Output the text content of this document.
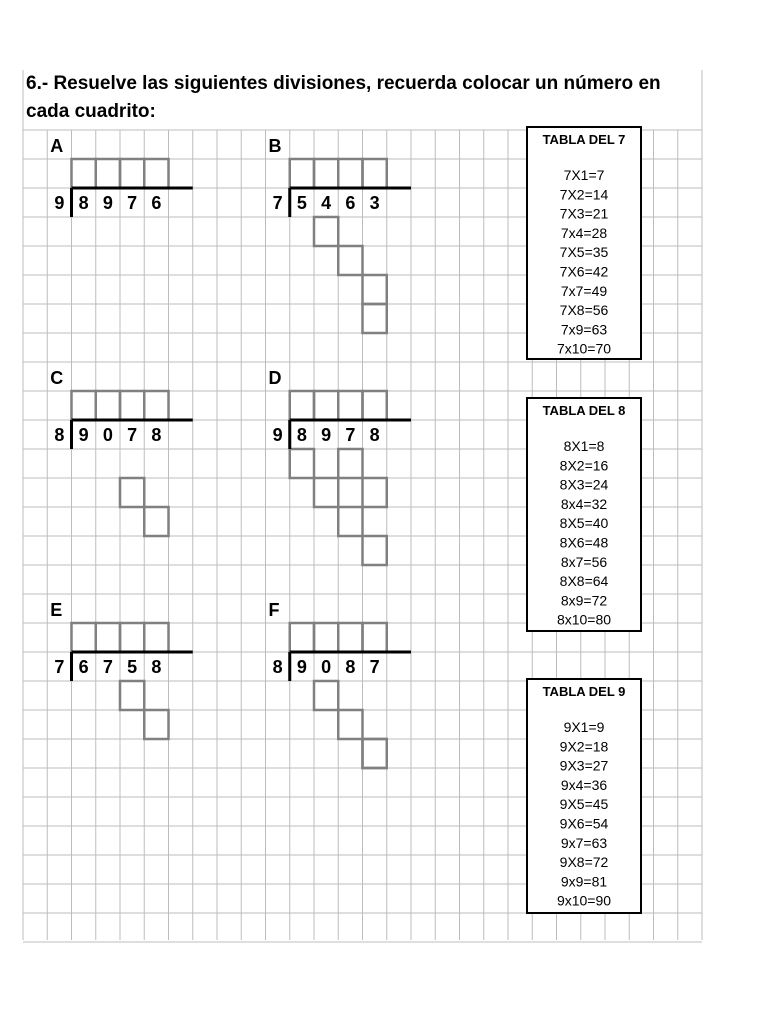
A
9 8 9 7 6
B
7 5 4 6 3
C
8 9 0 7 8
D
9 8 9 7 8
E
7 6 7 5 8
F
8 9 0 8 7
TABLA DEL 7
7X1=7
7X2=14
7X3=21
7x4=28
7X5=35
7X6=42
7x7=49
7X8=56
7x9=63
7x10=70
TABLA DEL 8
8X1=8
8X2=16
8X3=24
8x4=32
8X5=40
8X6=48
8x7=56
8X8=64
8x9=72
8x10=80
TABLA DEL 9
9X1=9
9X2=18
9X3=27
9x4=36
9X5=45
9X6=54
9x7=63
9X8=72
9x9=81
9x10=90
6.- Resuelve las siguientes divisiones, recuerda colocar un número en
cada cuadrito:
